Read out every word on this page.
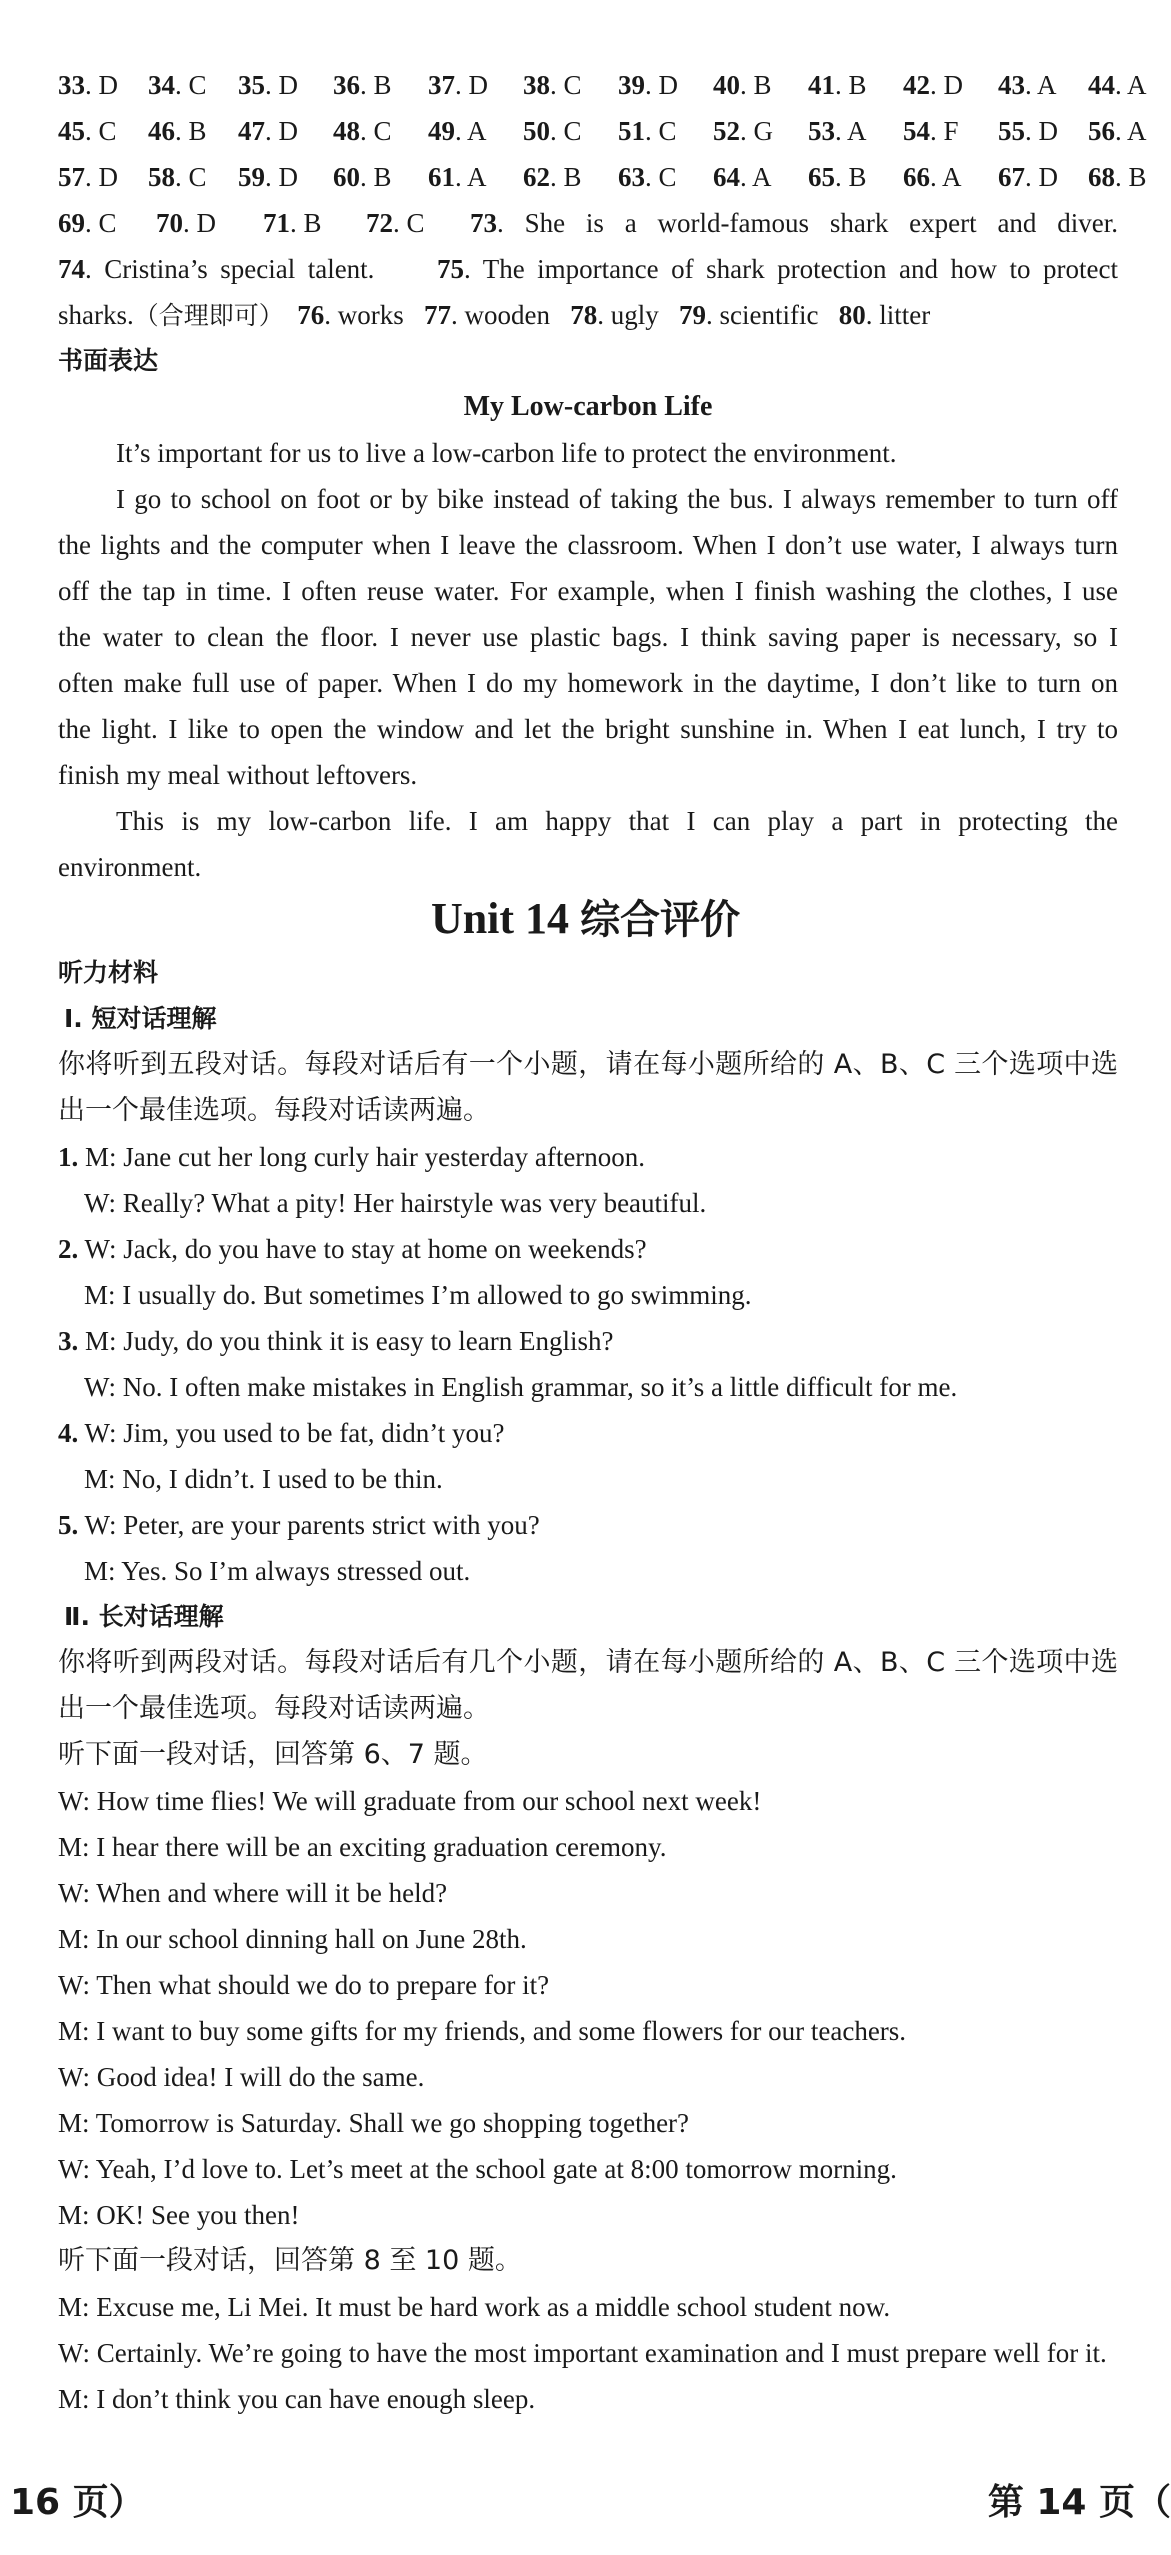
33. D 34. C 35. D 36. B 37. D 38. C 39. D 40. B 41. B 42. D 43. A 44. A
45. C 46. B 47. D 48. C 49. A 50. C 51. C 52. G 53. A 54. F 55. D 56. A
57. D 58. C 59. D 60. B 61. A 62. B 63. C 64. A 65. B 66. A 67. D 68. B
69. C 70. D 71. B 72. C 73. She is a world-famous shark expert and diver.
74. Cristina’s special talent. 75. The importance of shark protection and how to protect
sharks.（合理即可） 76. works 77. wooden 78. ugly 79. scientific 80. litter
书面表达
My Low-carbon Life
It’s important for us to live a low-carbon life to protect the environment.
I go to school on foot or by bike instead of taking the bus. I always remember to turn off
the lights and the computer when I leave the classroom. When I don’t use water, I always turn
off the tap in time. I often reuse water. For example, when I finish washing the clothes, I use
the water to clean the floor. I never use plastic bags. I think saving paper is necessary, so I
often make full use of paper. When I do my homework in the daytime, I don’t like to turn on
the light. I like to open the window and let the bright sunshine in. When I eat lunch, I try to
finish my meal without leftovers.
This is my low-carbon life. I am happy that I can play a part in protecting the
environment.
Unit 14 综合评价
听力材料
Ⅰ. 短对话理解
你将听到五段对话。每段对话后有一个小题，请在每小题所给的 A、B、C 三个选项中选
出一个最佳选项。每段对话读两遍。
1. M: Jane cut her long curly hair yesterday afternoon.
W: Really? What a pity! Her hairstyle was very beautiful.
2. W: Jack, do you have to stay at home on weekends?
M: I usually do. But sometimes I’m allowed to go swimming.
3. M: Judy, do you think it is easy to learn English?
W: No. I often make mistakes in English grammar, so it’s a little difficult for me.
4. W: Jim, you used to be fat, didn’t you?
M: No, I didn’t. I used to be thin.
5. W: Peter, are your parents strict with you?
M: Yes. So I’m always stressed out.
Ⅱ. 长对话理解
你将听到两段对话。每段对话后有几个小题，请在每小题所给的 A、B、C 三个选项中选
出一个最佳选项。每段对话读两遍。
听下面一段对话，回答第 6、7 题。
W: How time flies! We will graduate from our school next week!
M: I hear there will be an exciting graduation ceremony.
W: When and where will it be held?
M: In our school dinning hall on June 28th.
W: Then what should we do to prepare for it?
M: I want to buy some gifts for my friends, and some flowers for our teachers.
W: Good idea! I will do the same.
M: Tomorrow is Saturday. Shall we go shopping together?
W: Yeah, I’d love to. Let’s meet at the school gate at 8:00 tomorrow morning.
M: OK! See you then!
听下面一段对话，回答第 8 至 10 题。
M: Excuse me, Li Mei. It must be hard work as a middle school student now.
W: Certainly. We’re going to have the most important examination and I must prepare well for it.
M: I don’t think you can have enough sleep.
16 页）	第 14 页（
